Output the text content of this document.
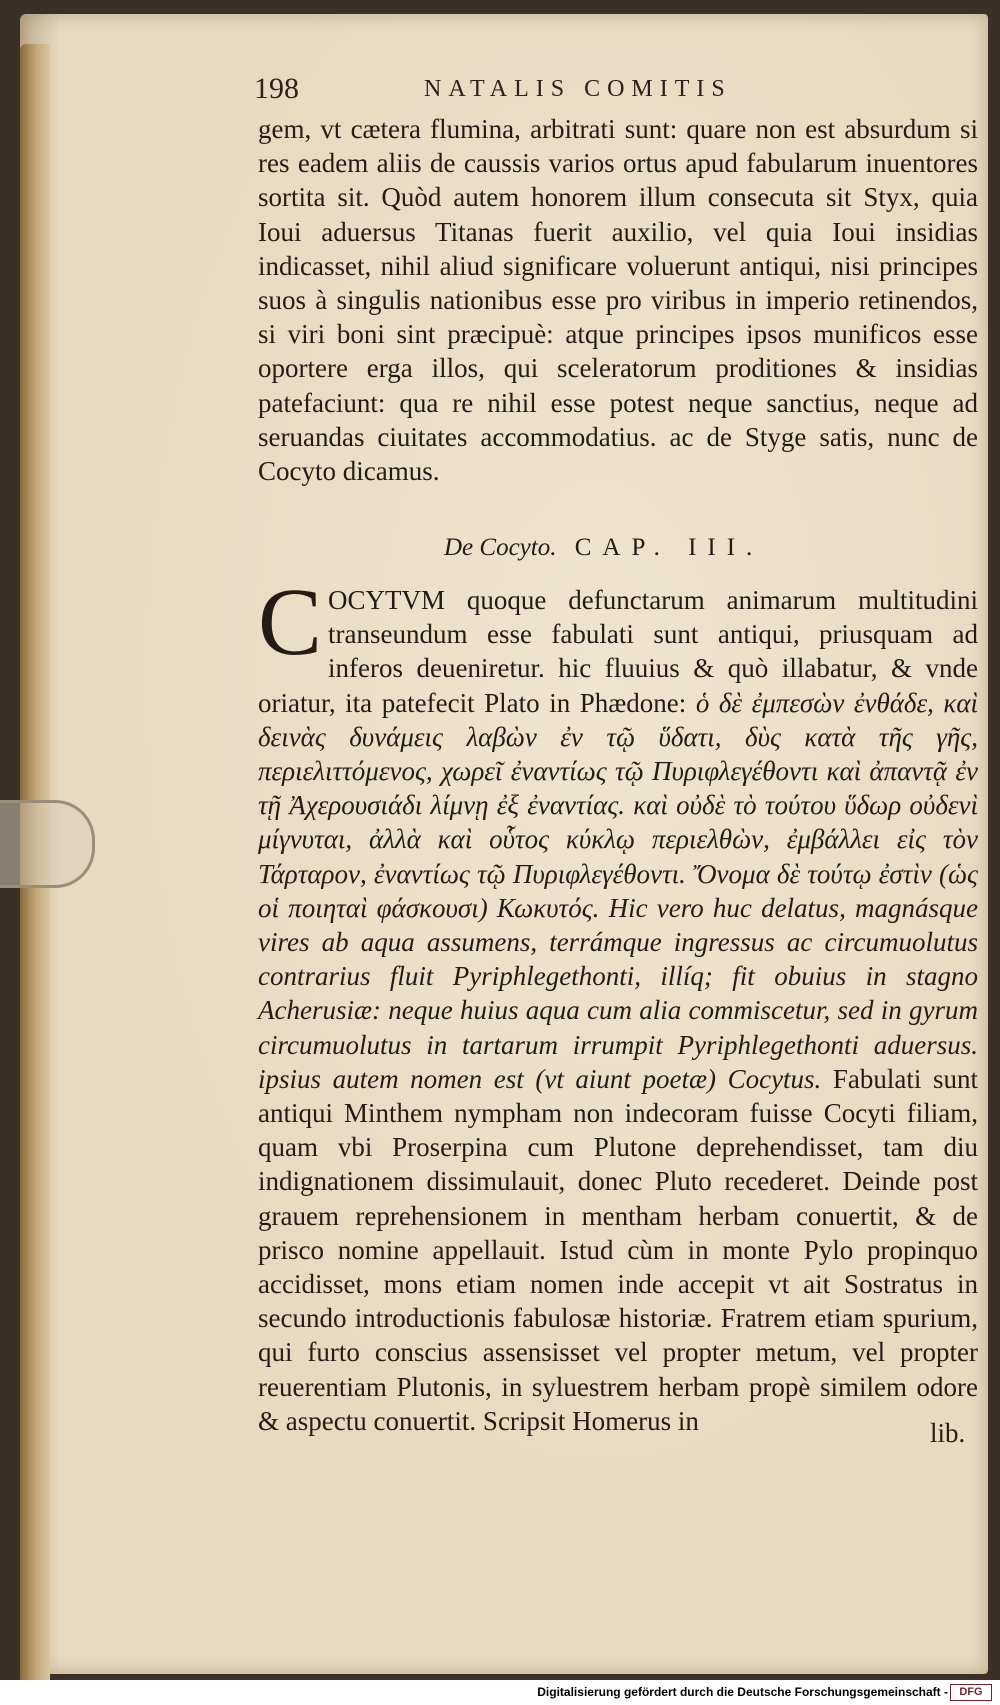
198	NATALIS COMITIS
gem, vt cætera flumina, arbitrati sunt: quare non est absurdum si res eadem aliis de caussis varios ortus apud fabularum inuentores sortita sit. Quòd autem honorem illum consecuta sit Styx, quia Ioui aduersus Titanas fuerit auxilio, vel quia Ioui insidias indicasset, nihil aliud significare voluerunt antiqui, nisi principes suos à singulis nationibus esse pro viribus in imperio retinendos, si viri boni sint præcipuè: atque principes ipsos munificos esse oportere erga illos, qui sceleratorum proditiones & insidias patefaciunt: qua re nihil esse potest neque sanctius, neque ad seruandas ciuitates accommodatius. ac de Styge satis, nunc de Cocyto dicamus.
De Cocyto. CAP. III.
C OCYTVM quoque defunctarum animarum multitudini transeundum esse fabulati sunt antiqui, priusquam ad inferos deueniretur. hic fluuius & quò illabatur, & vnde oriatur, ita patefecit Plato in Phædone: ὁ δὲ ἐμπεσὼν ἐνθάδε, καὶ δεινὰς δυνάμεις λαβὼν ἐν τῷ ὕδατι, δὺς κατὰ τῆς γῆς, περιελιττόμενος, χωρεῖ ἐναντίως τῷ Πυριφλεγέθοντι καὶ ἀπαντᾷ ἐν τῇ Ἀχερουσιάδι λίμνῃ ἐξ ἐναντίας. καὶ οὐδὲ τὸ τούτου ὕδωρ οὐδενὶ μίγνυται, ἀλλὰ καὶ οὗτος κύκλῳ περιελθὼν, ἐμβάλλει εἰς τὸν Τάρταρον, ἐναντίως τῷ Πυριφλεγέθοντι. Ὄνομα δὲ τούτῳ ἐστὶν (ὡς οἱ ποιηταὶ φάσκουσι) Κωκυτός. Hic vero huc delatus, magnásque vires ab aqua assumens, terrámque ingressus ac circumuolutus contrarius fluit Pyriphlegethonti, illíq; fit obuius in stagno Acherusiæ: neque huius aqua cum alia commiscetur, sed in gyrum circumuolutus in tartarum irrumpit Pyriphlegethonti aduersus. ipsius autem nomen est (vt aiunt poetæ) Cocytus. Fabulati sunt antiqui Minthem nympham non indecoram fuisse Cocyti filiam, quam vbi Proserpina cum Plutone deprehendisset, tam diu indignationem dissimulauit, donec Pluto recederet. Deinde post grauem reprehensionem in mentham herbam conuertit, & de prisco nomine appellauit. Istud cùm in monte Pylo propinquo accidisset, mons etiam nomen inde accepit vt ait Sostratus in secundo introductionis fabulosæ historiæ. Fratrem etiam spurium, qui furto conscius assensisset vel propter metum, vel propter reuerentiam Plutonis, in syluestrem herbam propè similem odore & aspectu conuertit. Scripsit Homerus in	lib.
Digitalisierung gefördert durch die Deutsche Forschungsgemeinschaft -	DFG
